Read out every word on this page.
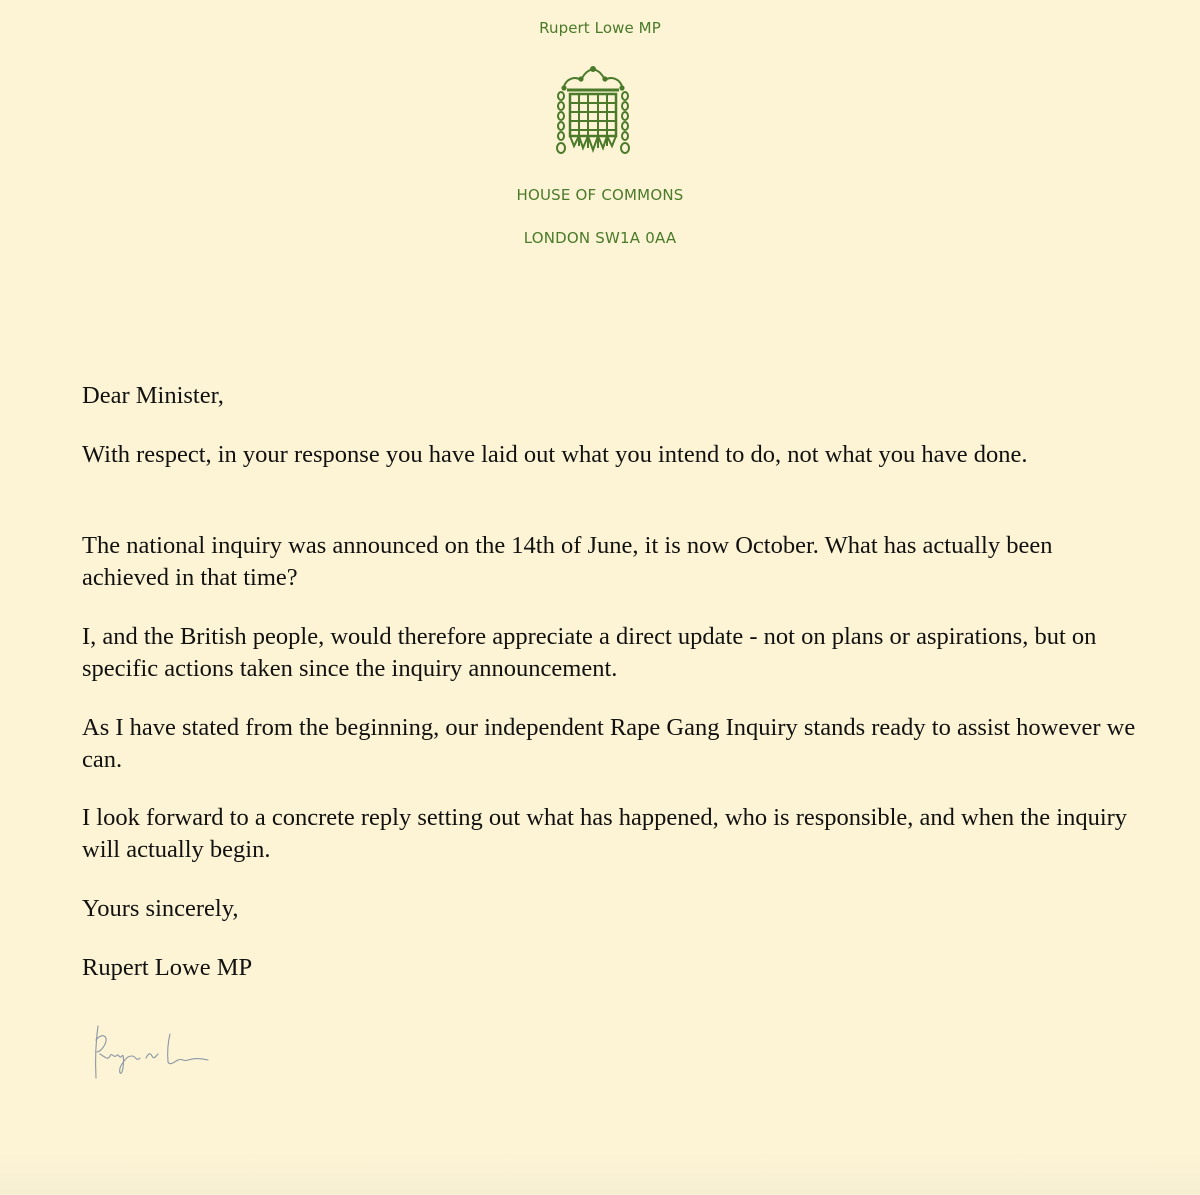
Rupert Lowe MP
HOUSE OF COMMONS
LONDON SW1A 0AA

Dear Minister,

With respect, in your response you have laid out what you intend to do, not what you have done.

The national inquiry was announced on the 14th of June, it is now October. What has actually been achieved in that time?

I, and the British people, would therefore appreciate a direct update - not on plans or aspirations, but on specific actions taken since the inquiry announcement.

As I have stated from the beginning, our independent Rape Gang Inquiry stands ready to assist however we can.

I look forward to a concrete reply setting out what has happened, who is responsible, and when the inquiry will actually begin.

Yours sincerely,

Rupert Lowe MP
